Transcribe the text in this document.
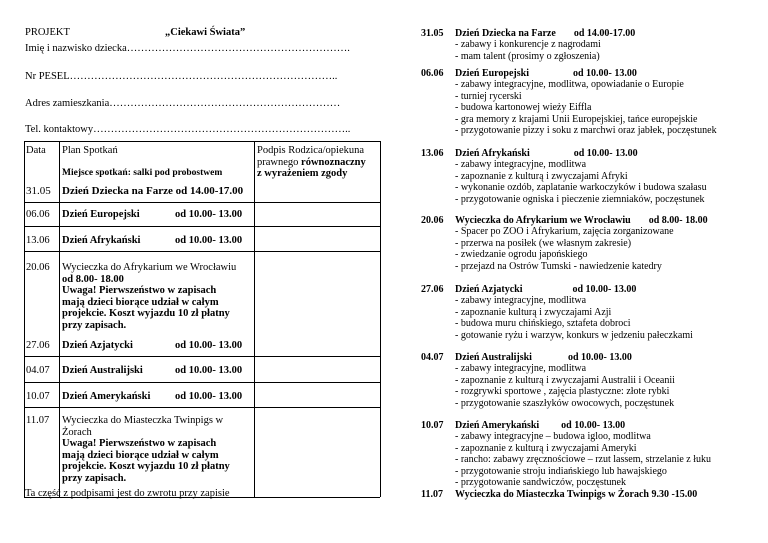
PROJEKT	„Ciekawi Świata”
Imię i nazwisko dziecka……………………………………………………….
Nr PESEL…………………………………………………………………..
Adres zamieszkania…………………………………………………………
Tel. kontaktowy………………………………………………………………..
Data Plan Spotkań	Podpis Rodzica/opiekuna
prawnego równoznaczny
z wyrażeniem zgody
Miejsce spotkań: salki pod probostwem
31.05 Dzień Dziecka na Farze od 14.00-17.00
06.06 Dzień Europejski	od 10.00- 13.00
13.06 Dzień Afrykański	od 10.00- 13.00
20.06 Wycieczka do Afrykarium we Wrocławiu
od 8.00- 18.00
Uwaga! Pierwszeństwo w zapisach
mają dzieci biorące udział w całym
projekcie. Koszt wyjazdu 10 zł płatny
przy zapisach.
27.06 Dzień Azjatycki	od 10.00- 13.00
04.07 Dzień Australijski	od 10.00- 13.00
10.07 Dzień Amerykański od 10.00- 13.00
11.07 Wycieczka do Miasteczka Twinpigs w
Żorach
Uwaga! Pierwszeństwo w zapisach
mają dzieci biorące udział w całym
projekcie. Koszt wyjazdu 10 zł płatny
przy zapisach.
Ta część z podpisami jest do zwrotu przy zapisie
31.05 Dzień Dziecka na Farze od 14.00-17.00
- zabawy i konkurencje z nagrodami
- mam talent (prosimy o zgłoszenia)
06.06 Dzień Europejski	od 10.00- 13.00
- zabawy integracyjne, modlitwa, opowiadanie o Europie
- turniej rycerski
- budowa kartonowej wieży Eiffla
- gra memory z krajami Unii Europejskiej, tańce europejskie
- przygotowanie pizzy i soku z marchwi oraz jabłek, poczęstunek
13.06 Dzień Afrykański	od 10.00- 13.00
- zabawy integracyjne, modlitwa
- zapoznanie z kulturą i zwyczajami Afryki
- wykonanie ozdób, zaplatanie warkoczyków i budowa szałasu
- przygotowanie ogniska i pieczenie ziemniaków, poczęstunek
20.06 Wycieczka do Afrykarium we Wrocławiu od 8.00- 18.00
- Spacer po ZOO i Afrykarium, zajęcia zorganizowane
- przerwa na posiłek (we własnym zakresie)
- zwiedzanie ogrodu japońskiego
- przejazd na Ostrów Tumski - nawiedzenie katedry
27.06 Dzień Azjatycki	od 10.00- 13.00
- zabawy integracyjne, modlitwa
- zapoznanie kulturą i zwyczajami Azji
- budowa muru chińskiego, sztafeta dobroci
- gotowanie ryżu i warzyw, konkurs w jedzeniu pałeczkami
04.07 Dzień Australijski	od 10.00- 13.00
- zabawy integracyjne, modlitwa
- zapoznanie z kulturą i zwyczajami Australii i Oceanii
- rozgrywki sportowe , zajęcia plastyczne: złote rybki
- przygotowanie szaszłyków owocowych, poczęstunek
10.07 Dzień Amerykański od 10.00- 13.00
- zabawy integracyjne – budowa igloo, modlitwa
- zapoznanie z kulturą i zwyczajami Ameryki
- rancho: zabawy zręcznościowe – rzut lassem, strzelanie z łuku
- przygotowanie stroju indiańskiego lub hawajskiego
- przygotowanie sandwiczów, poczęstunek
11.07 Wycieczka do Miasteczka Twinpigs w Żorach 9.30 -15.00
